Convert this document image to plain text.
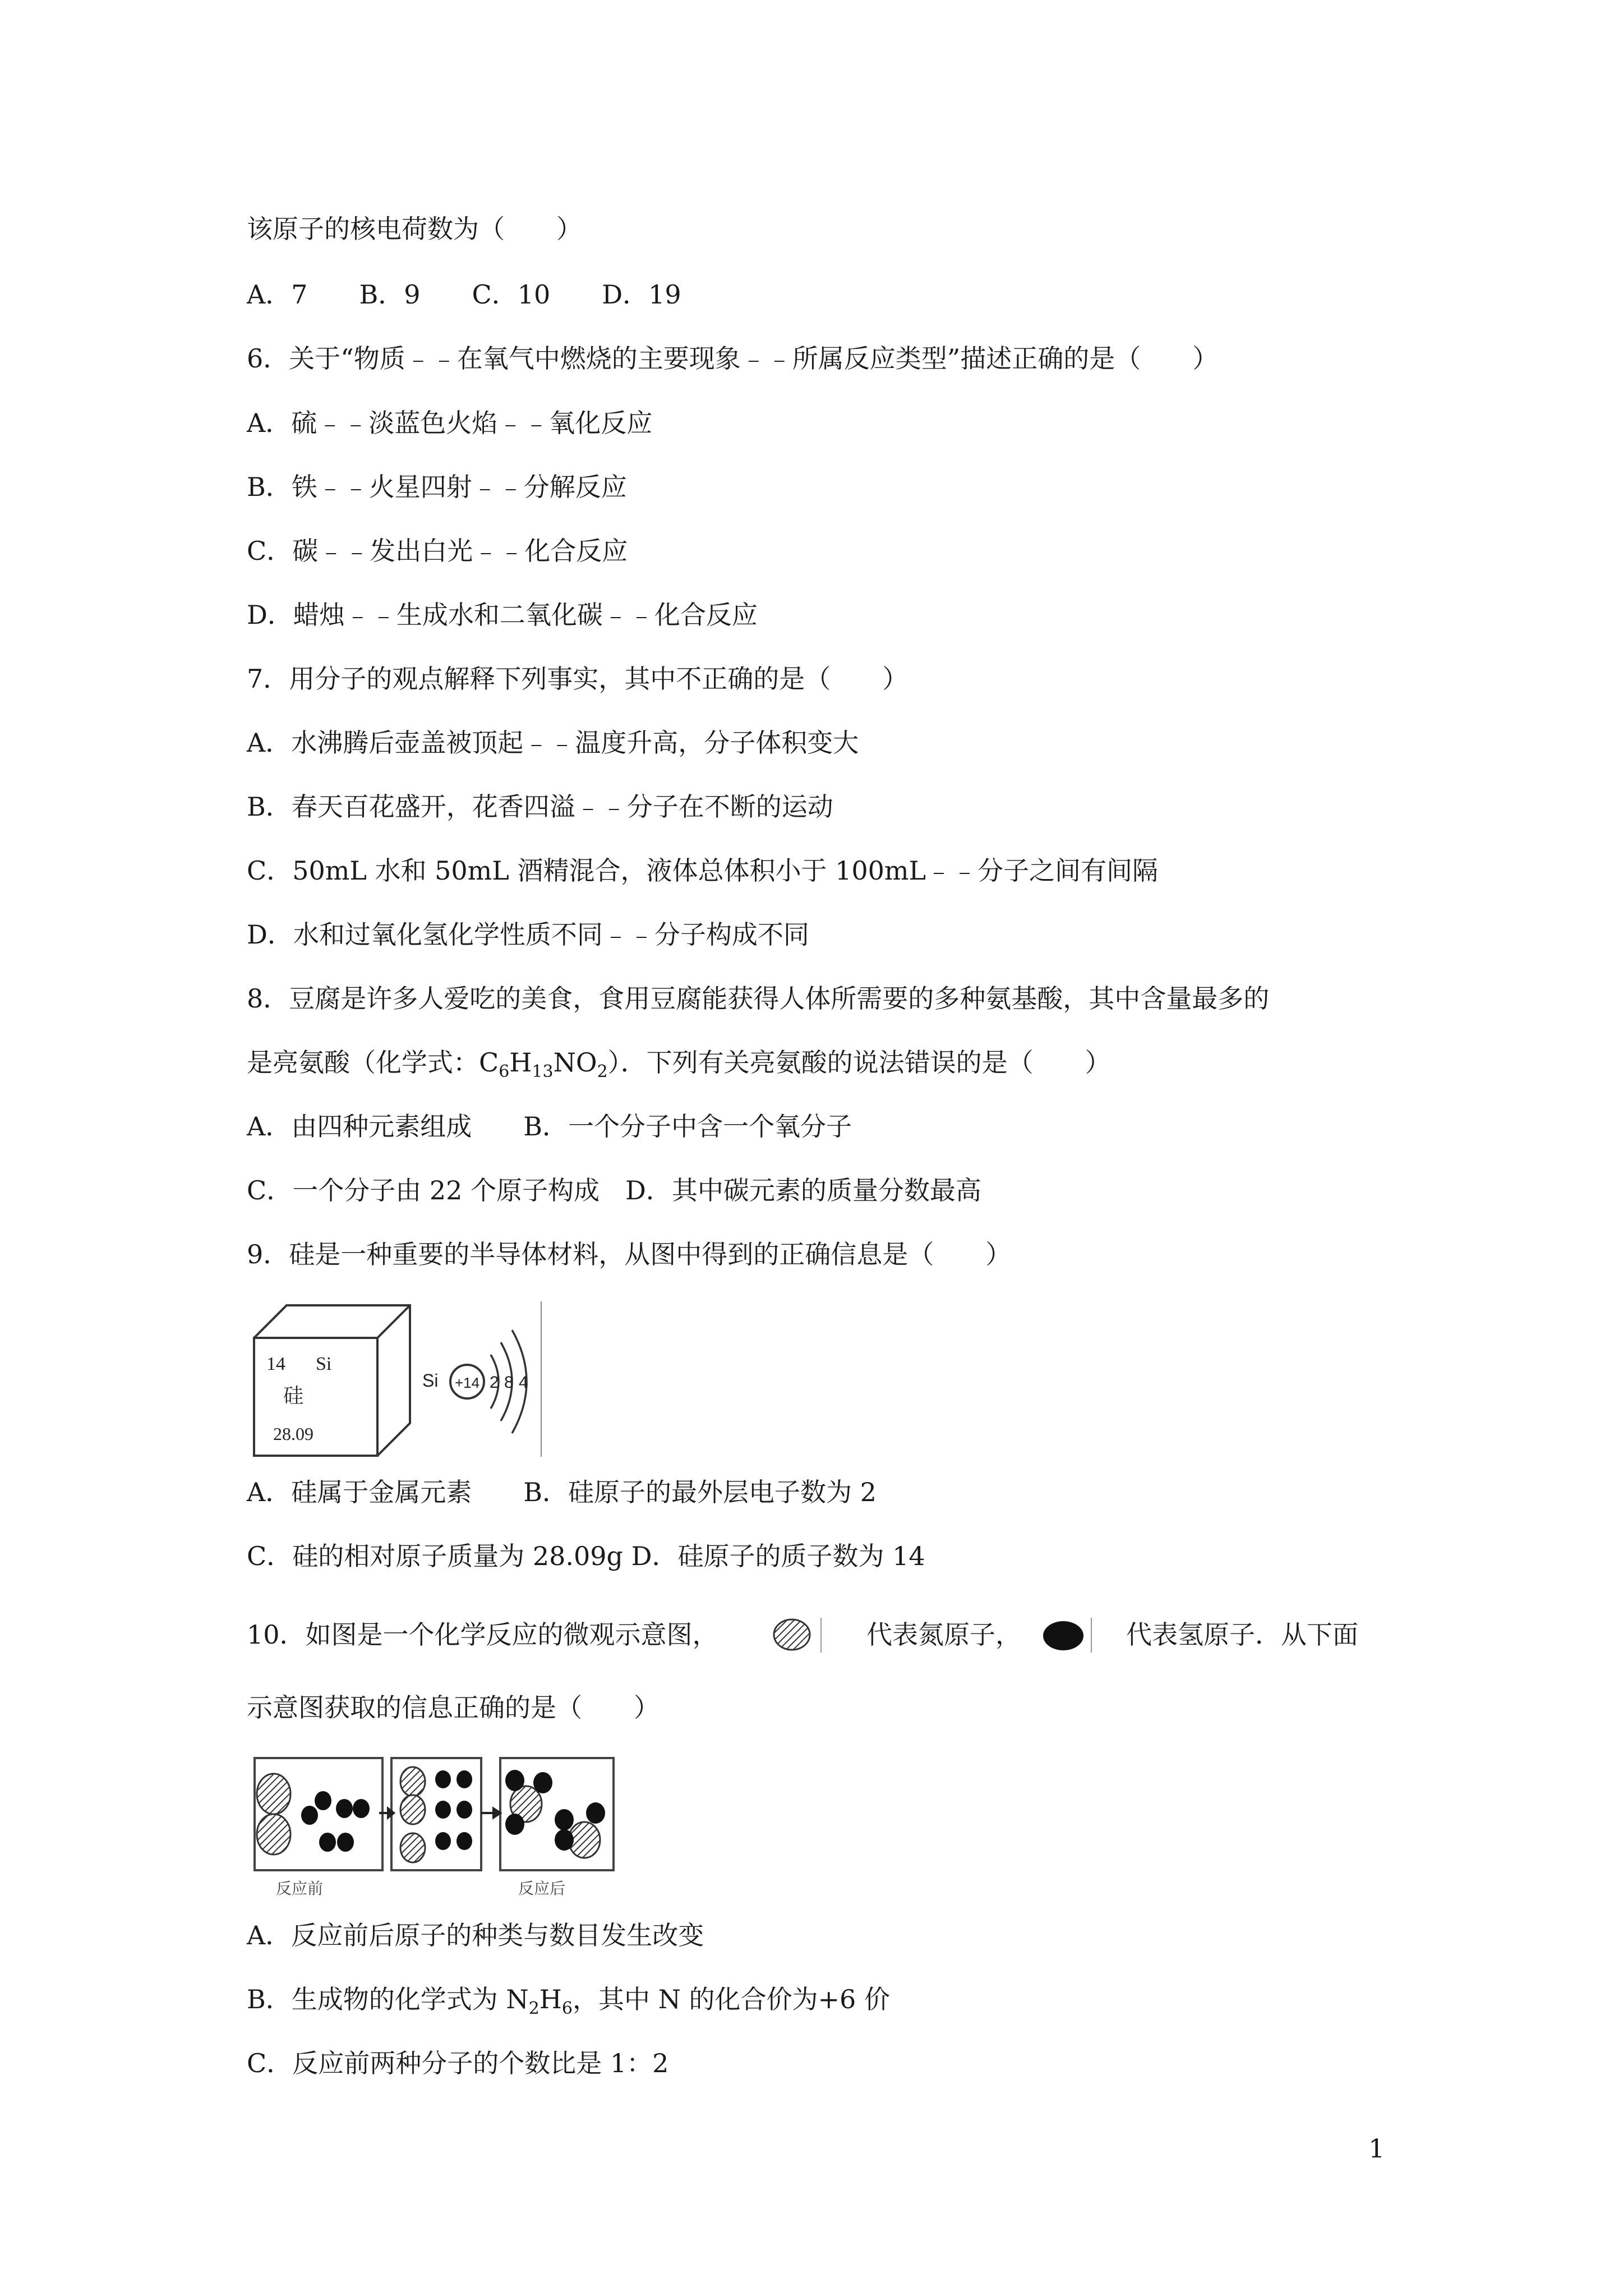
该原子的核电荷数为（　　）
A．7　　B．9　　C．10　　D．19
6．关于“物质﹣﹣在氧气中燃烧的主要现象﹣﹣所属反应类型”描述正确的是（　　）
A．硫﹣﹣淡蓝色火焰﹣﹣氧化反应
B．铁﹣﹣火星四射﹣﹣分解反应
C．碳﹣﹣发出白光﹣﹣化合反应
D．蜡烛﹣﹣生成水和二氧化碳﹣﹣化合反应
7．用分子的观点解释下列事实，其中不正确的是（　　）
A．水沸腾后壶盖被顶起﹣﹣温度升高，分子体积变大
B．春天百花盛开，花香四溢﹣﹣分子在不断的运动
C．50mL 水和 50mL 酒精混合，液体总体积小于 100mL﹣﹣分子之间有间隔
D．水和过氧化氢化学性质不同﹣﹣分子构成不同
8．豆腐是许多人爱吃的美食，食用豆腐能获得人体所需要的多种氨基酸，其中含量最多的
是亮氨酸（化学式：$C_6H_{13}NO_2$）．下列有关亮氨酸的说法错误的是（　　）
A．由四种元素组成　　B．一个分子中含一个氧分子
C．一个分子由 22 个原子构成　D．其中碳元素的质量分数最高
9．硅是一种重要的半导体材料，从图中得到的正确信息是（　　）
14 Si
硅
28.09
Si +14 2 8 4
A．硅属于金属元素　　B．硅原子的最外层电子数为 2
C．硅的相对原子质量为 28.09g D．硅原子的质子数为 14
10．如图是一个化学反应的微观示意图，	代表氮原子，	代表氢原子．从下面
示意图获取的信息正确的是（　　）
反应前	反应后
A．反应前后原子的种类与数目发生改变
B．生成物的化学式为 $N_2H_6$，其中 N 的化合价为+6 价
C．反应前两种分子的个数比是 1：2
1
